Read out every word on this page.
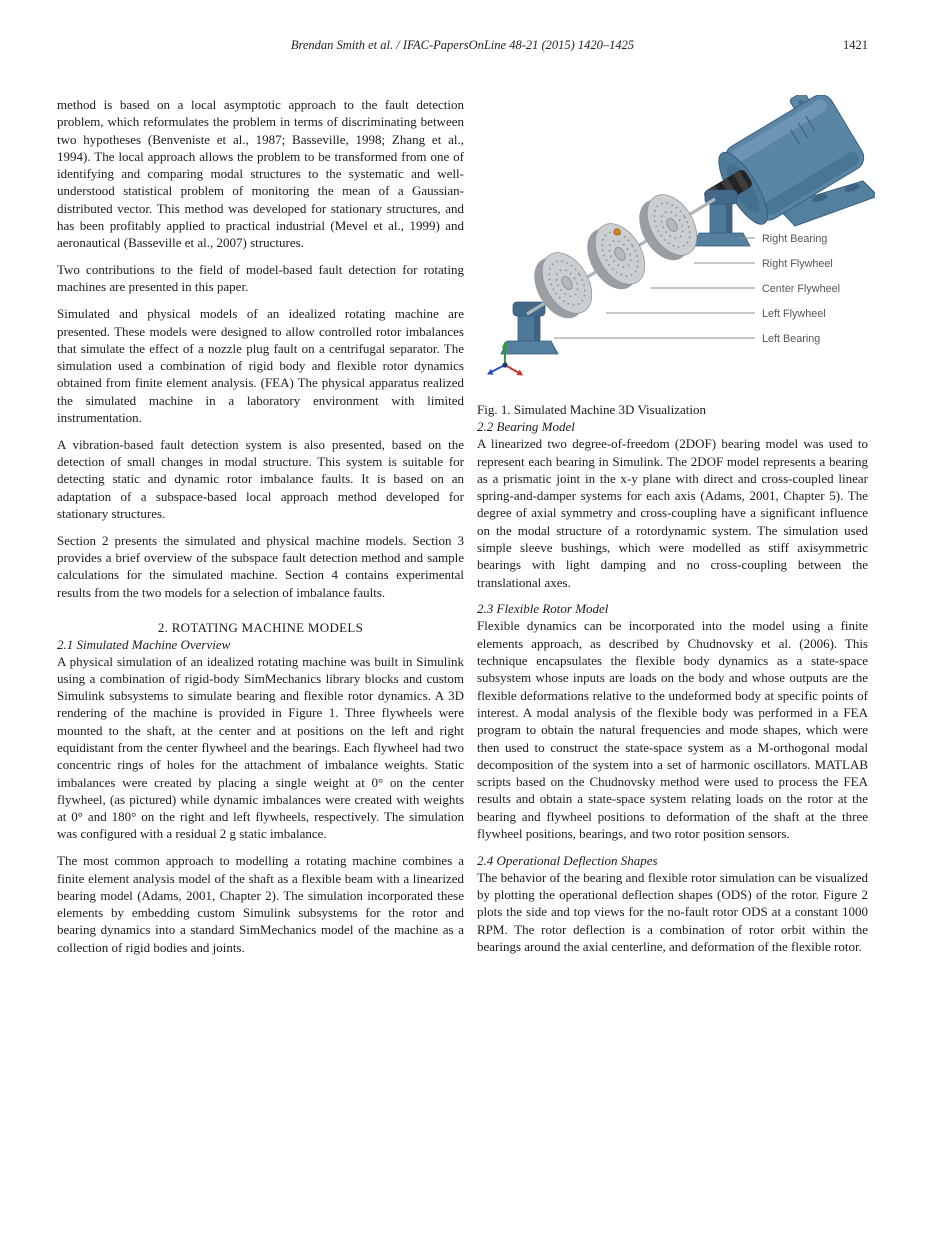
Brendan Smith et al. / IFAC-PapersOnLine 48-21 (2015) 1420–1425	1421

method is based on a local asymptotic approach to the fault detection problem, which reformulates the problem in terms of discriminating between two hypotheses (Benveniste et al., 1987; Basseville, 1998; Zhang et al., 1994). The local approach allows the problem to be transformed from one of identifying and comparing modal structures to the systematic and well-understood statistical problem of monitoring the mean of a Gaussian-distributed vector. This method was developed for stationary structures, and has been profitably applied to practical industrial (Mevel et al., 1999) and aeronautical (Basseville et al., 2007) structures.

Two contributions to the field of model-based fault detection for rotating machines are presented in this paper.

Simulated and physical models of an idealized rotating machine are presented. These models were designed to allow controlled rotor imbalances that simulate the effect of a nozzle plug fault on a centrifugal separator. The simulation used a combination of rigid body and flexible rotor dynamics obtained from finite element analysis. (FEA) The physical apparatus realized the simulated machine in a laboratory environment with limited instrumentation.

A vibration-based fault detection system is also presented, based on the detection of small changes in modal structure. This system is suitable for detecting static and dynamic rotor imbalance faults. It is based on an adaptation of a subspace-based local approach method developed for stationary structures.

Section 2 presents the simulated and physical machine models. Section 3 provides a brief overview of the subspace fault detection method and sample calculations for the simulated machine. Section 4 contains experimental results from the two models for a selection of imbalance faults.

2. ROTATING MACHINE MODELS
2.1 Simulated Machine Overview

A physical simulation of an idealized rotating machine was built in Simulink using a combination of rigid-body SimMechanics library blocks and custom Simulink subsystems to simulate bearing and flexible rotor dynamics. A 3D rendering of the machine is provided in Figure 1. Three flywheels were mounted to the shaft, at the center and at positions on the left and right equidistant from the center flywheel and the bearings. Each flywheel had two concentric rings of holes for the attachment of imbalance weights. Static imbalances were created by placing a single weight at 0° on the center flywheel, (as pictured) while dynamic imbalances were created with weights at 0° and 180° on the right and left flywheels, respectively. The simulation was configured with a residual 2 g static imbalance.

The most common approach to modelling a rotating machine combines a finite element analysis model of the shaft as a flexible beam with a linearized bearing model (Adams, 2001, Chapter 2). The simulation incorporated these elements by embedding custom Simulink subsystems for the rotor and bearing dynamics into a standard SimMechanics model of the machine as a collection of rigid bodies and joints.

Right Bearing
Right Flywheel
Center Flywheel
Left Flywheel
Left Bearing

Fig. 1. Simulated Machine 3D Visualization

2.2 Bearing Model

A linearized two degree-of-freedom (2DOF) bearing model was used to represent each bearing in Simulink. The 2DOF model represents a bearing as a prismatic joint in the x-y plane with direct and cross-coupled linear spring-and-damper systems for each axis (Adams, 2001, Chapter 5). The degree of axial symmetry and cross-coupling have a significant influence on the modal structure of a rotordynamic system. The simulation used simple sleeve bushings, which were modelled as stiff axisymmetric bearings with light damping and no cross-coupling between the translational axes.

2.3 Flexible Rotor Model

Flexible dynamics can be incorporated into the model using a finite elements approach, as described by Chudnovsky et al. (2006). This technique encapsulates the flexible body dynamics as a state-space subsystem whose inputs are loads on the body and whose outputs are the flexible deformations relative to the undeformed body at specific points of interest. A modal analysis of the flexible body was performed in a FEA program to obtain the natural frequencies and mode shapes, which were then used to construct the state-space system as a M-orthogonal modal decomposition of the system into a set of harmonic oscillators. MATLAB scripts based on the Chudnovsky method were used to process the FEA results and obtain a state-space system relating loads on the rotor at the bearing and flywheel positions to deformation of the shaft at the three flywheel positions, bearings, and two rotor position sensors.

2.4 Operational Deflection Shapes

The behavior of the bearing and flexible rotor simulation can be visualized by plotting the operational deflection shapes (ODS) of the rotor. Figure 2 plots the side and top views for the no-fault rotor ODS at a constant 1000 RPM. The rotor deflection is a combination of rotor orbit within the bearings around the axial centerline, and deformation of the flexible rotor.
